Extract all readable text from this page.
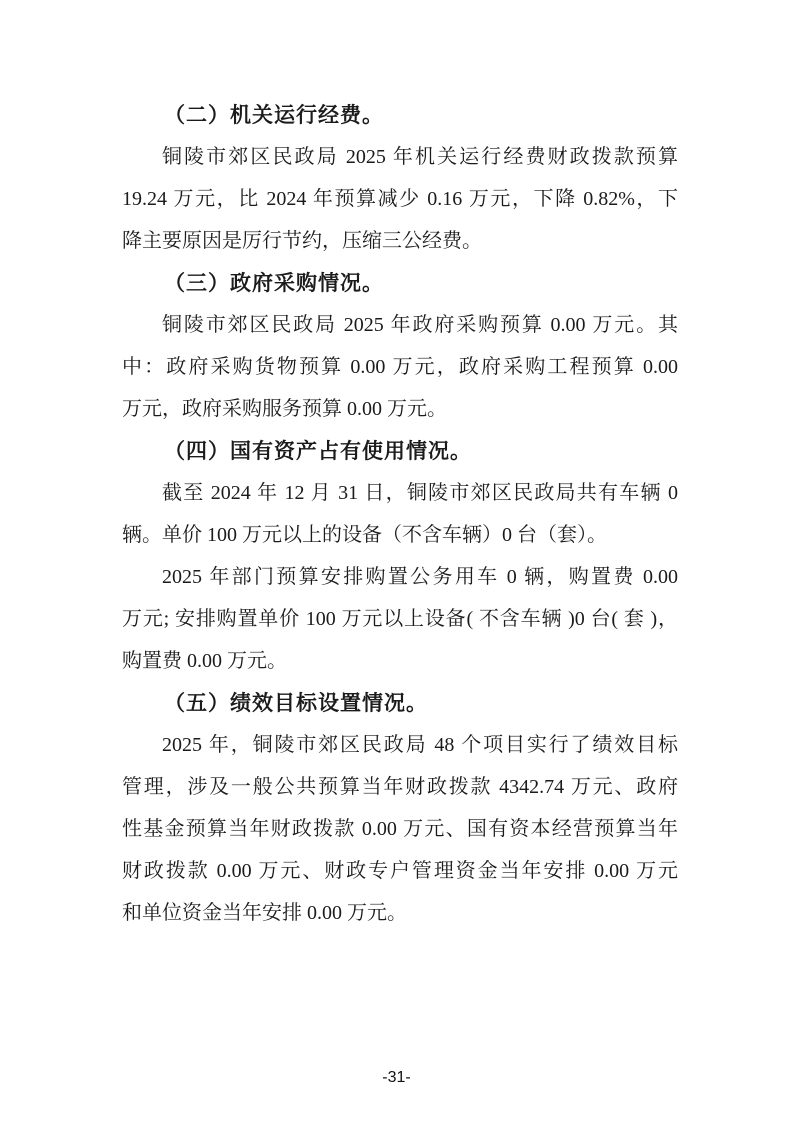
（二）机关运行经费。
铜陵市郊区民政局 2025 年机关运行经费财政拨款预算
19.24 万元，比 2024 年预算减少 0.16 万元，下降 0.82%，下
降主要原因是厉行节约，压缩三公经费。
（三）政府采购情况。
铜陵市郊区民政局 2025 年政府采购预算 0.00 万元。其
中：政府采购货物预算 0.00 万元，政府采购工程预算 0.00
万元，政府采购服务预算 0.00 万元。
（四）国有资产占有使用情况。
截至 2024 年 12 月 31 日，铜陵市郊区民政局共有车辆 0
辆。单价 100 万元以上的设备（不含车辆）0 台（套）。
2025 年部门预算安排购置公务用车 0 辆，购置费 0.00
万元; 安排购置单价 100 万元以上设备( 不含车辆 )0 台( 套 )，
购置费 0.00 万元。
（五）绩效目标设置情况。
2025 年，铜陵市郊区民政局 48 个项目实行了绩效目标
管理，涉及一般公共预算当年财政拨款 4342.74 万元、政府
性基金预算当年财政拨款 0.00 万元、国有资本经营预算当年
财政拨款 0.00 万元、财政专户管理资金当年安排 0.00 万元
和单位资金当年安排 0.00 万元。
-31-
